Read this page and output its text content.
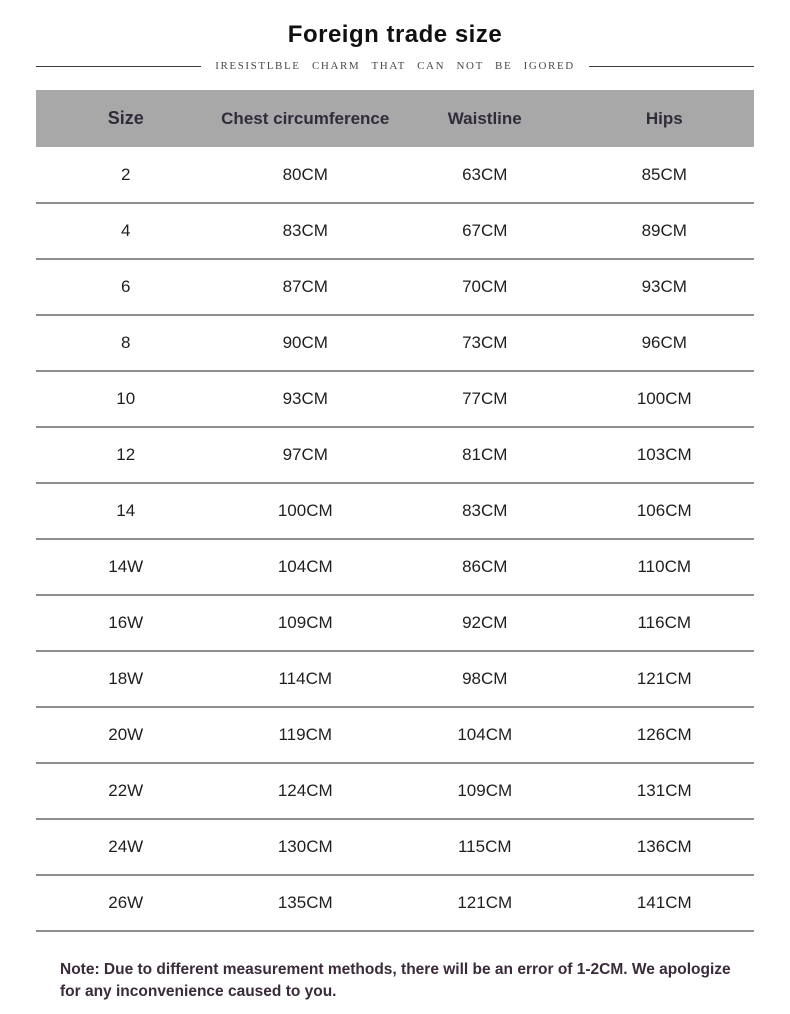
Foreign trade size
IRESISTLBLE CHARM THAT CAN NOT BE IGORED
Size	Chest circumference	Waistline	Hips
2	80CM	63CM	85CM
4	83CM	67CM	89CM
6	87CM	70CM	93CM
8	90CM	73CM	96CM
10	93CM	77CM	100CM
12	97CM	81CM	103CM
14	100CM	83CM	106CM
14W	104CM	86CM	110CM
16W	109CM	92CM	116CM
18W	114CM	98CM	121CM
20W	119CM	104CM	126CM
22W	124CM	109CM	131CM
24W	130CM	115CM	136CM
26W	135CM	121CM	141CM

Note: Due to different measurement methods, there will be an error of 1-2CM. We apologize for any inconvenience caused to you.
